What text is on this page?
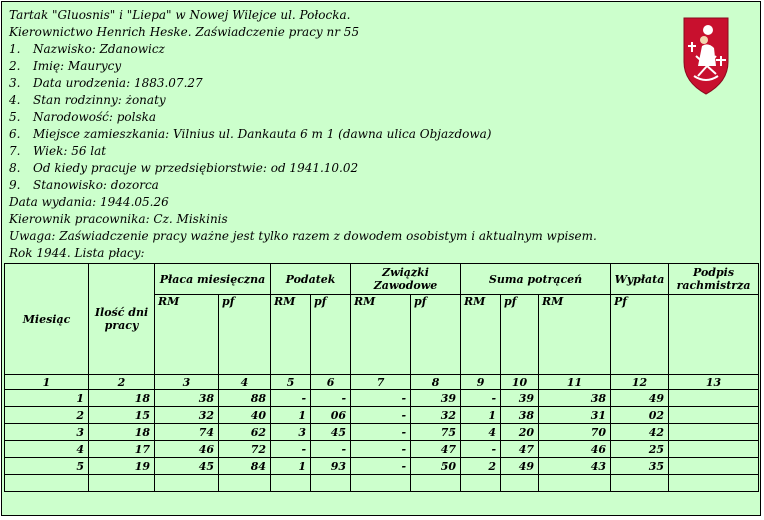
Tartak "Gluosnis" i "Liepa" w Nowej Wilejce ul. Połocka.
Kierownictwo Henrich Heske. Zaświadczenie pracy nr 55
1. Nazwisko: Zdanowicz
2. Imię: Maurycy
3. Data urodzenia: 1883.07.27
4. Stan rodzinny: żonaty
5. Narodowość: polska
6. Miejsce zamieszkania: Vilnius ul. Dankauta 6 m 1 (dawna ulica Objazdowa)
7. Wiek: 56 lat
8. Od kiedy pracuje w przedsiębiorstwie: od 1941.10.02
9. Stanowisko: dozorca
Data wydania: 1944.05.26
Kierownik pracownika: Cz. Miskinis
Uwaga: Zaświadczenie pracy ważne jest tylko razem z dowodem osobistym i aktualnym wpisem.
Rok 1944. Lista płacy:
Miesiąc	Ilość dni pracy	Płaca miesięczna		Podatek		Związki Zawodowe		Suma potrąceń			Wypłata	Podpis rachmistrza
		RM	pf	RM	pf	RM	pf	RM	pf	RM	Pf	
1	2	3	4	5	6	7	8	9	10	11	12	13
1	18	38	88	-	-	-	39	-	39	38	49	
2	15	32	40	1	06	-	32	1	38	31	02	
3	18	74	62	3	45	-	75	4	20	70	42	
4	17	46	72	-	-	-	47	-	47	46	25	
5	19	45	84	1	93	-	50	2	49	43	35	
